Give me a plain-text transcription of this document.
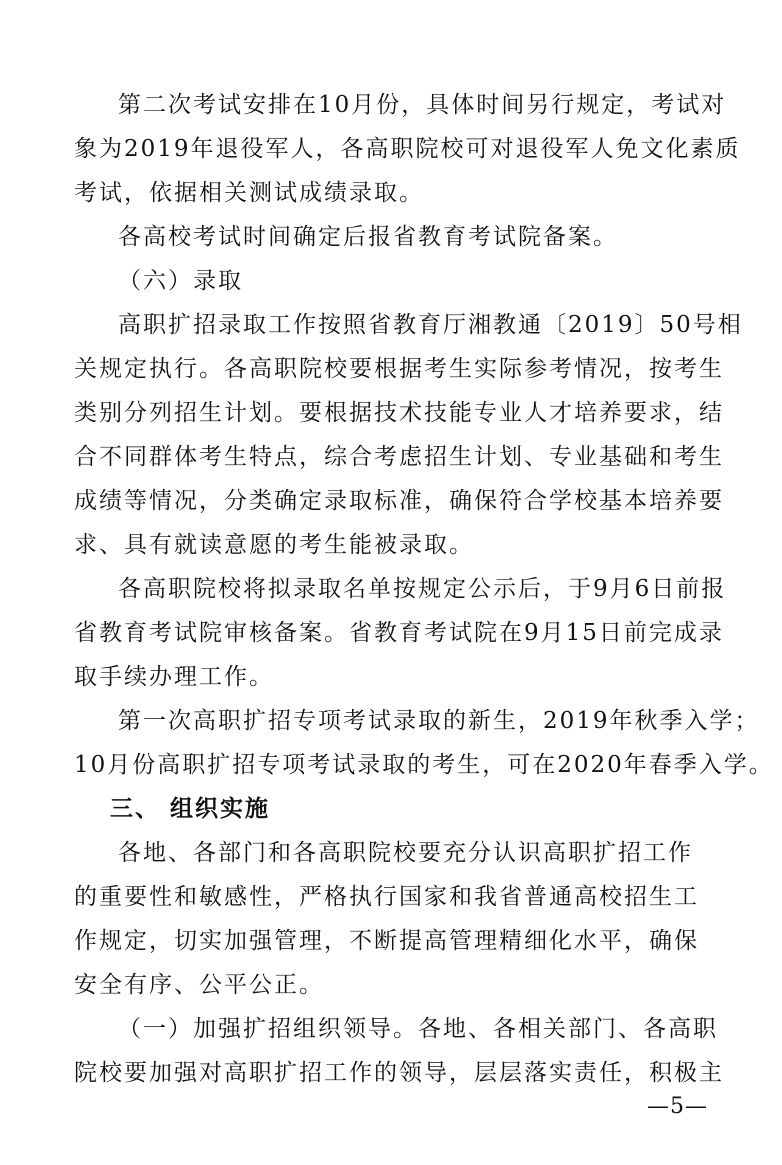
第二次考试安排在10月份，具体时间另行规定，考试对
象为2019年退役军人，各高职院校可对退役军人免文化素质
考试，依据相关测试成绩录取。
各高校考试时间确定后报省教育考试院备案。
（六）录取
高职扩招录取工作按照省教育厅湘教通〔2019〕50号相
关规定执行。各高职院校要根据考生实际参考情况，按考生
类别分列招生计划。要根据技术技能专业人才培养要求，结
合不同群体考生特点，综合考虑招生计划、专业基础和考生
成绩等情况，分类确定录取标准，确保符合学校基本培养要
求、具有就读意愿的考生能被录取。
各高职院校将拟录取名单按规定公示后，于9月6日前报
省教育考试院审核备案。省教育考试院在9月15日前完成录
取手续办理工作。
第一次高职扩招专项考试录取的新生，2019年秋季入学；
10月份高职扩招专项考试录取的考生，可在2020年春季入学。
三、 组织实施
各地、各部门和各高职院校要充分认识高职扩招工作
的重要性和敏感性，严格执行国家和我省普通高校招生工
作规定，切实加强管理，不断提高管理精细化水平，确保
安全有序、公平公正。
（一）加强扩招组织领导。各地、各相关部门、各高职
院校要加强对高职扩招工作的领导，层层落实责任，积极主
—5—
